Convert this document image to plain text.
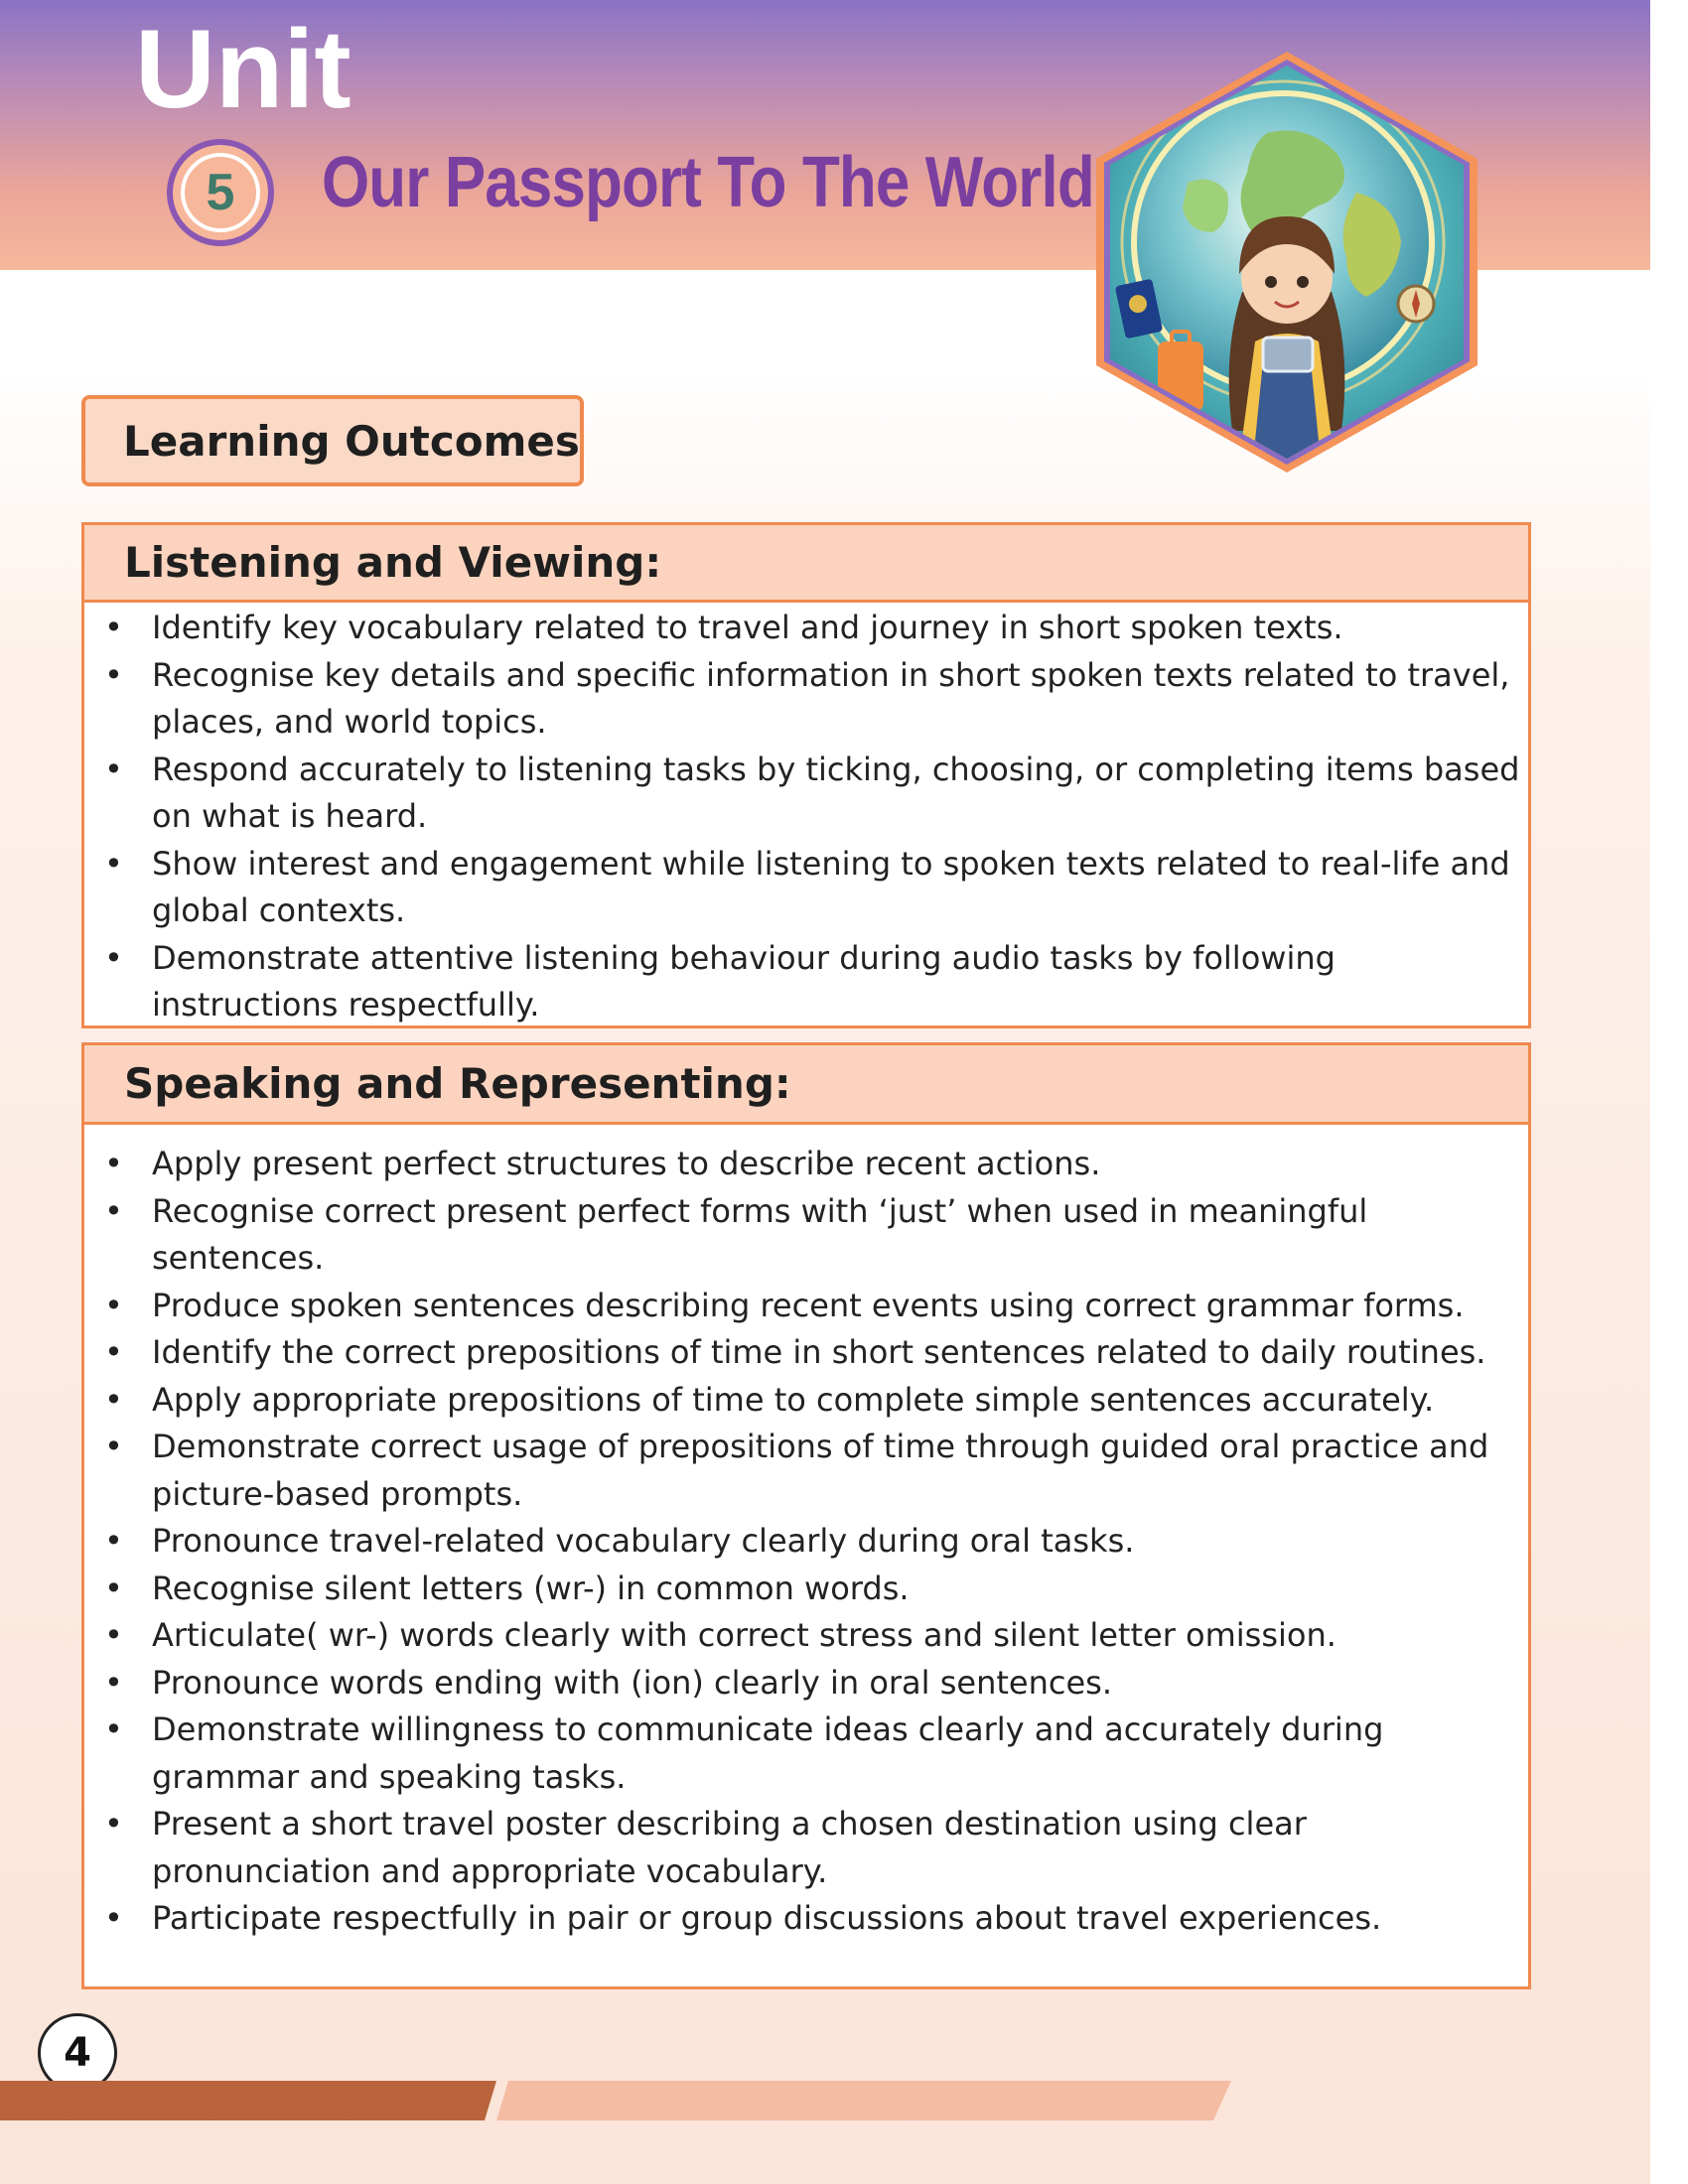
Unit
5	Our Passport To The World
Learning Outcomes
Listening and Viewing:
• Identify key vocabulary related to travel and journey in short spoken texts.
• Recognise key details and specific information in short spoken texts related to travel, places, and world topics.
• Respond accurately to listening tasks by ticking, choosing, or completing items based on what is heard.
• Show interest and engagement while listening to spoken texts related to real-life and global contexts.
• Demonstrate attentive listening behaviour during audio tasks by following instructions respectfully.
Speaking and Representing:
• Apply present perfect structures to describe recent actions.
• Recognise correct present perfect forms with ‘just’ when used in meaningful sentences.
• Produce spoken sentences describing recent events using correct grammar forms.
• Identify the correct prepositions of time in short sentences related to daily routines.
• Apply appropriate prepositions of time to complete simple sentences accurately.
• Demonstrate correct usage of prepositions of time through guided oral practice and picture-based prompts.
• Pronounce travel-related vocabulary clearly during oral tasks.
• Recognise silent letters (wr-) in common words.
• Articulate( wr-) words clearly with correct stress and silent letter omission.
• Pronounce words ending with (ion) clearly in oral sentences.
• Demonstrate willingness to communicate ideas clearly and accurately during grammar and speaking tasks.
• Present a short travel poster describing a chosen destination using clear pronunciation and appropriate vocabulary.
• Participate respectfully in pair or group discussions about travel experiences.
4
